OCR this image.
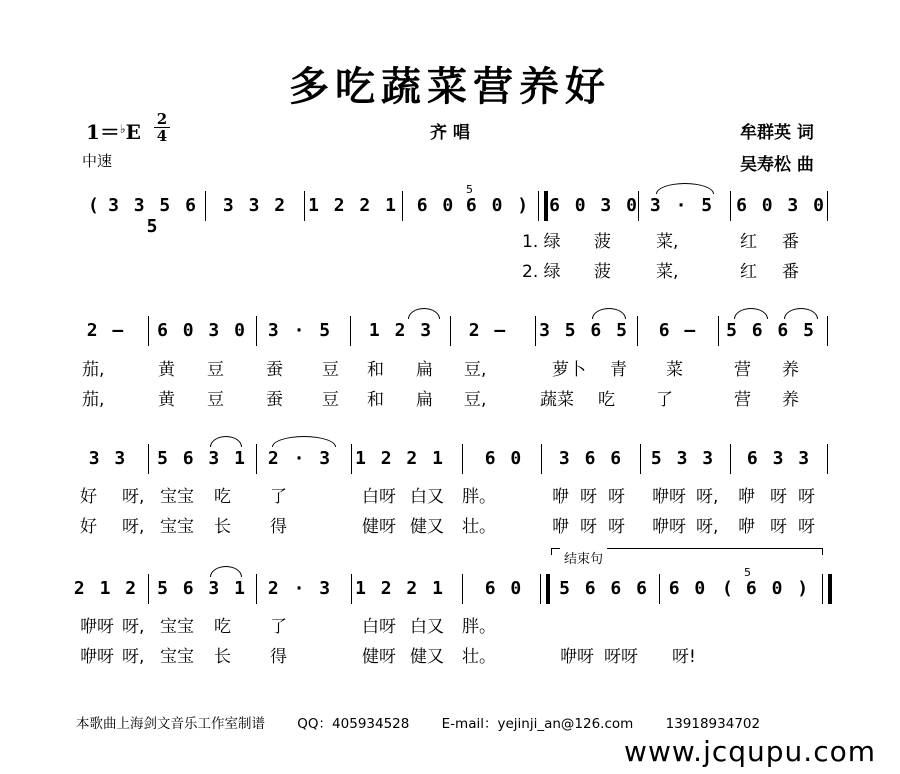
多吃蔬菜营养好
1＝♭E
2
4	齐 唱
中速
牟群英 词
吴寿松 曲
( 3 3 5 6 5
3 3 2	1 2 2 1	6 0
5
6 0 )	6 0 3 0 3 · 5	6 0 3 0
1. 绿 菠	菜,	红 番
2. 绿 菠	菜,	红 番
2 –	6 0 3 0	3 · 5	1 2 3	2 –	3 5 6 5	6 –	5 6 6 5
茄,	黄 豆 蚕 豆 和 扁 豆,	萝卜 青 菜	营 养
茄,	黄 豆 蚕 豆 和 扁 豆,	蔬菜 吃 了	营 养
3 3	5 6 3 1	2 · 3	1 2 2 1	6 0	3 6 6	5 3 3	6 3 3
好 呀, 宝宝 吃 了	白呀 白又 胖。	咿 呀 呀 咿呀 呀, 咿 呀 呀
好 呀, 宝宝 长 得	健呀 健又 壮。	咿 呀 呀 咿呀 呀, 咿 呀 呀
结束句
2 1 2	5 6 3 1	2 · 3	1 2 2 1	6 0	5 6 6 6	6 0 (
5
6 0 )
咿呀 呀, 宝宝 吃 了	白呀 白又 胖。
咿呀 呀, 宝宝 长 得	健呀 健又 壮。	咿呀 呀呀 呀!
本歌曲上海剑文音乐工作室制谱 QQ：405934528 E-mail：yejinji_an@126.com 13918934702
www.jcqupu.com
